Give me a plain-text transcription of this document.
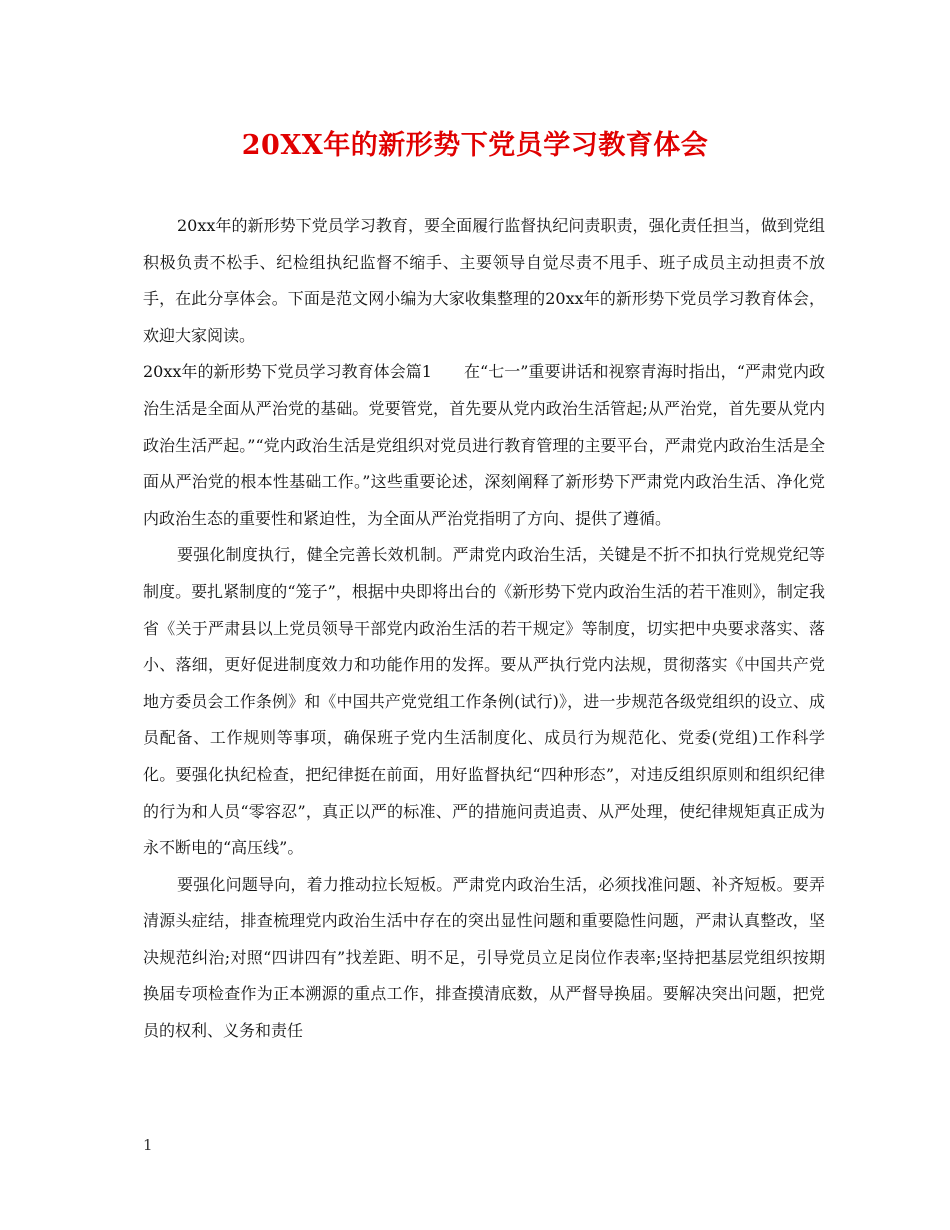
20XX年的新形势下党员学习教育体会

20xx年的新形势下党员学习教育，要全面履行监督执纪问责职责，强化责任担当，做到党组积极负责不松手、纪检组执纪监督不缩手、主要领导自觉尽责不甩手、班子成员主动担责不放手，在此分享体会。下面是范文网小编为大家收集整理的20xx年的新形势下党员学习教育体会，欢迎大家阅读。

20xx年的新形势下党员学习教育体会篇1　　在“七一”重要讲话和视察青海时指出，“严肃党内政治生活是全面从严治党的基础。党要管党，首先要从党内政治生活管起;从严治党，首先要从党内政治生活严起。”“党内政治生活是党组织对党员进行教育管理的主要平台，严肃党内政治生活是全面从严治党的根本性基础工作。”这些重要论述，深刻阐释了新形势下严肃党内政治生活、净化党内政治生态的重要性和紧迫性，为全面从严治党指明了方向、提供了遵循。

要强化制度执行，健全完善长效机制。严肃党内政治生活，关键是不折不扣执行党规党纪等制度。要扎紧制度的“笼子”，根据中央即将出台的《新形势下党内政治生活的若干准则》，制定我省《关于严肃县以上党员领导干部党内政治生活的若干规定》等制度，切实把中央要求落实、落小、落细，更好促进制度效力和功能作用的发挥。要从严执行党内法规，贯彻落实《中国共产党地方委员会工作条例》和《中国共产党党组工作条例(试行)》，进一步规范各级党组织的设立、成员配备、工作规则等事项，确保班子党内生活制度化、成员行为规范化、党委(党组)工作科学化。要强化执纪检查，把纪律挺在前面，用好监督执纪“四种形态”，对违反组织原则和组织纪律的行为和人员“零容忍”，真正以严的标准、严的措施问责追责、从严处理，使纪律规矩真正成为永不断电的“高压线”。

要强化问题导向，着力推动拉长短板。严肃党内政治生活，必须找准问题、补齐短板。要弄清源头症结，排查梳理党内政治生活中存在的突出显性问题和重要隐性问题，严肃认真整改，坚决规范纠治;对照“四讲四有”找差距、明不足，引导党员立足岗位作表率;坚持把基层党组织按期换届专项检查作为正本溯源的重点工作，排查摸清底数，从严督导换届。要解决突出问题，把党员的权利、义务和责任

1
